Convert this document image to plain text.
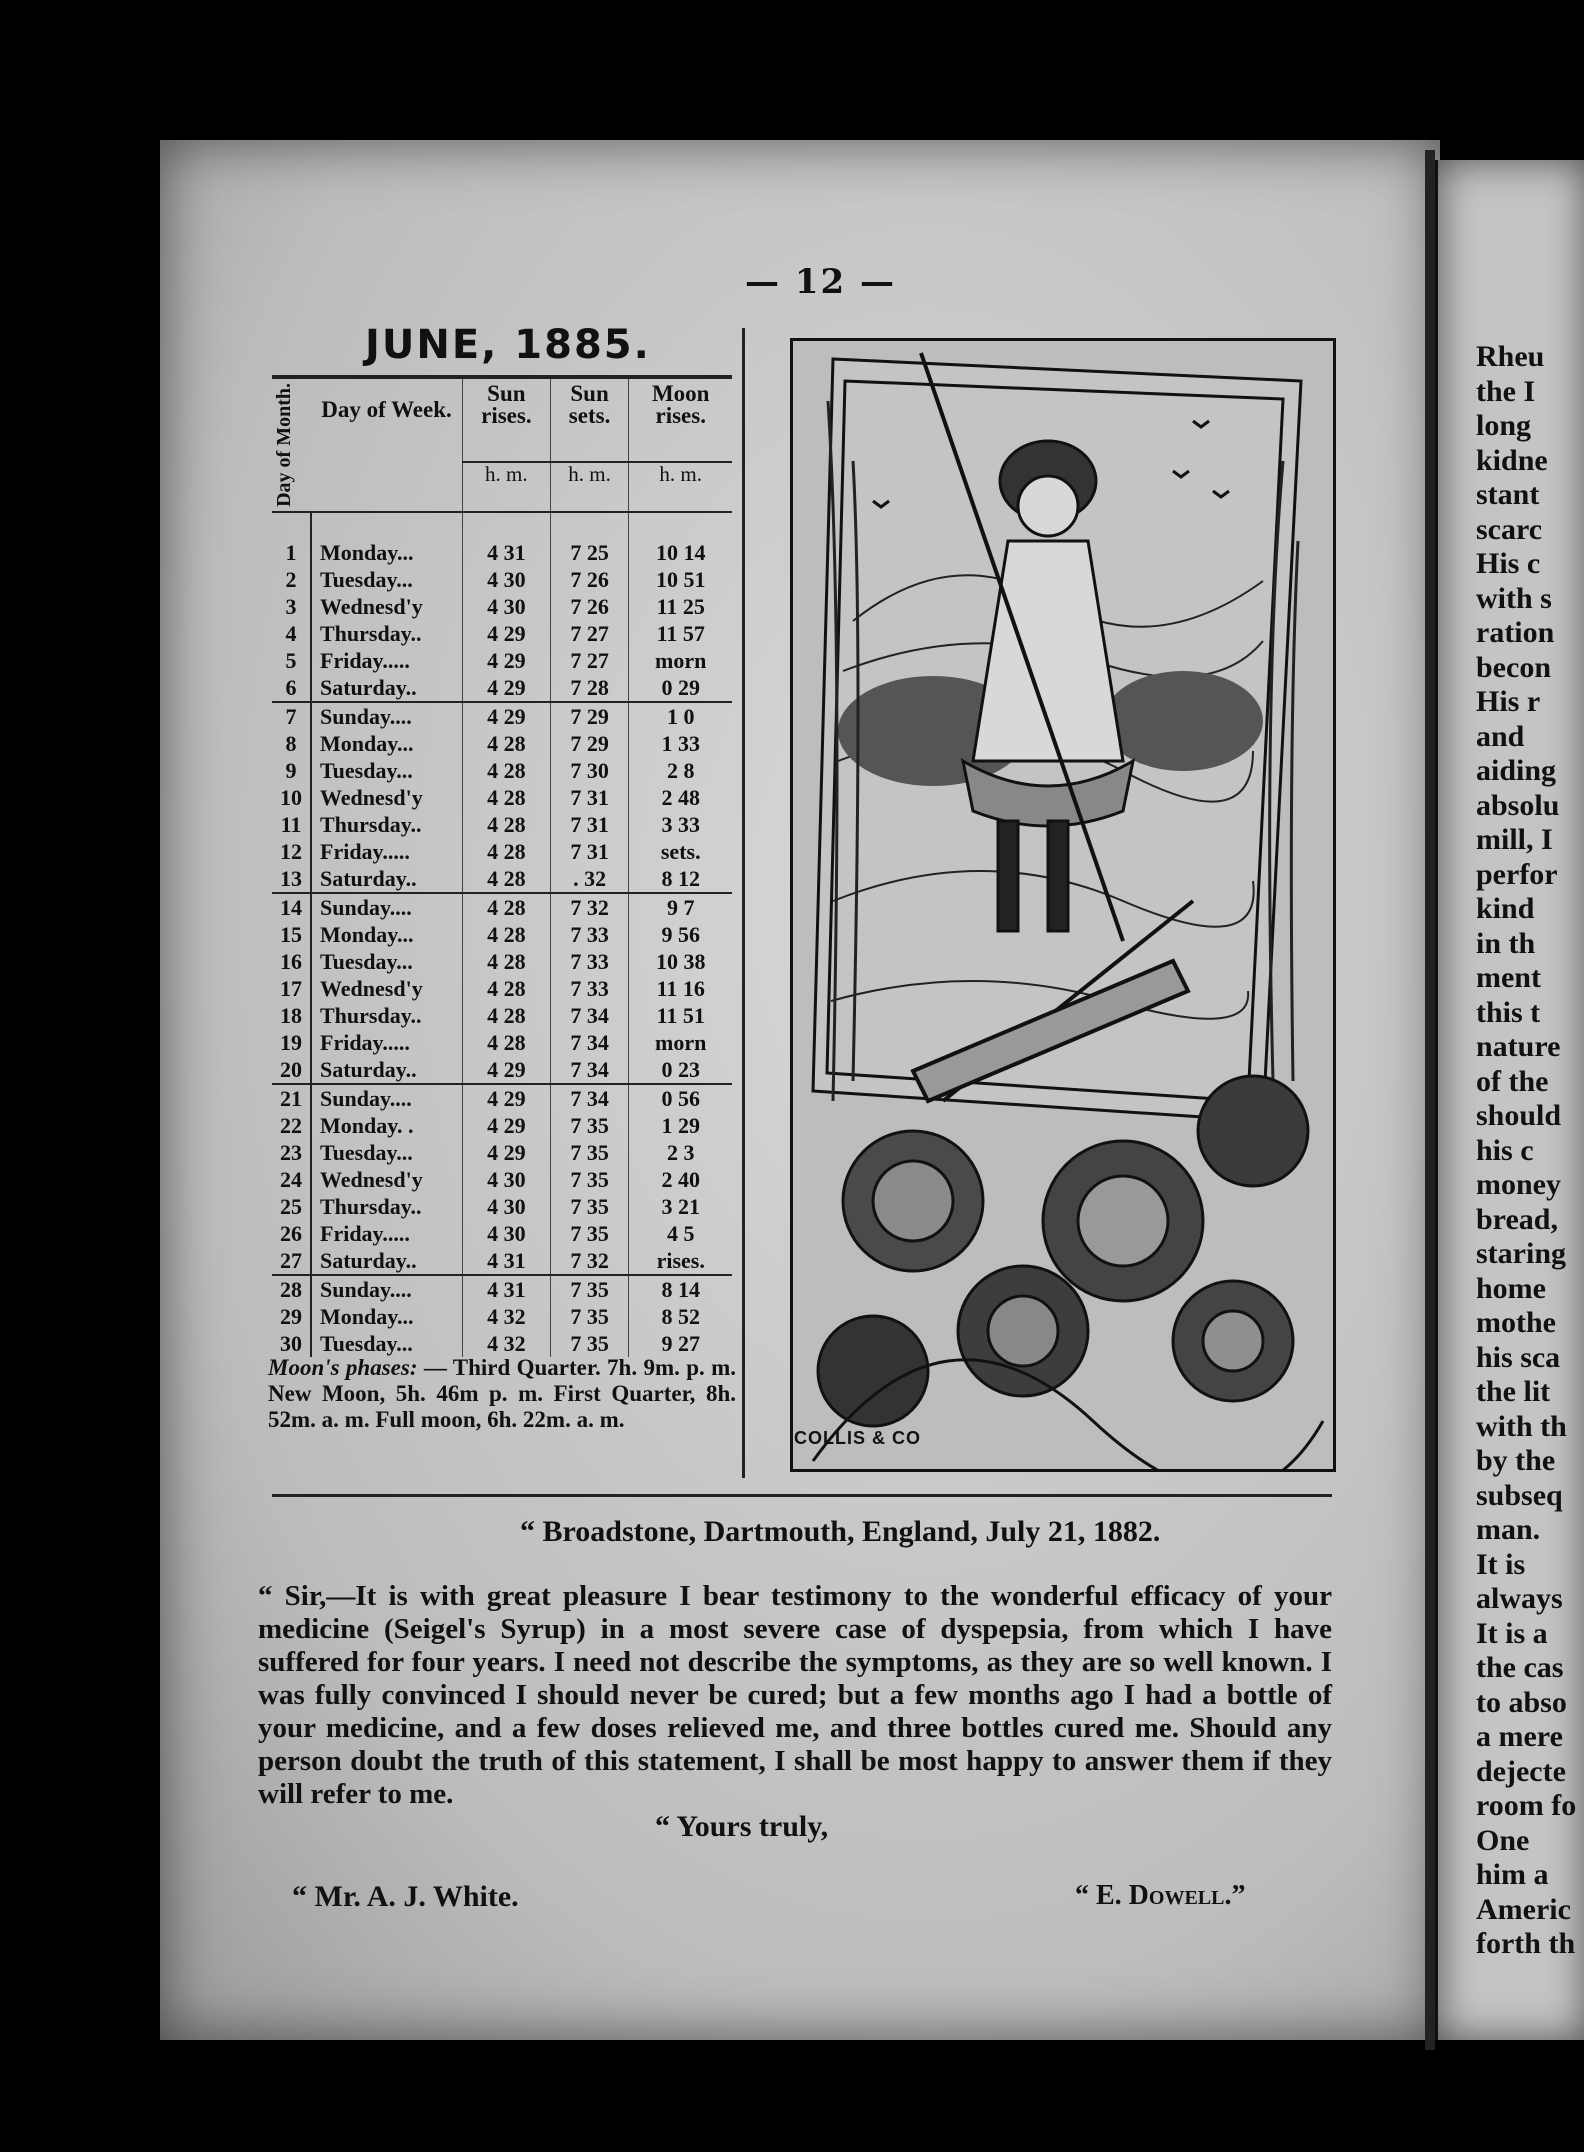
— 12 —
JUNE, 1885.
Day of Month.	Day of Week.	Sun rises.	Sun sets.	Moon rises.
		h. m.	h. m.	h. m.
1	Monday...	4 31	7 25	10 14
2	Tuesday...	4 30	7 26	10 51
3	Wednesd'y	4 30	7 26	11 25
4	Thursday..	4 29	7 27	11 57
5	Friday.....	4 29	7 27	morn
6	Saturday..	4 29	7 28	0 29
7	Sunday....	4 29	7 29	1 0
8	Monday...	4 28	7 29	1 33
9	Tuesday...	4 28	7 30	2 8
10	Wednesd'y	4 28	7 31	2 48
11	Thursday..	4 28	7 31	3 33
12	Friday.....	4 28	7 31	sets.
13	Saturday..	4 28	. 32	8 12
14	Sunday....	4 28	7 32	9 7
15	Monday...	4 28	7 33	9 56
16	Tuesday...	4 28	7 33	10 38
17	Wednesd'y	4 28	7 33	11 16
18	Thursday..	4 28	7 34	11 51
19	Friday.....	4 28	7 34	morn
20	Saturday..	4 29	7 34	0 23
21	Sunday....	4 29	7 34	0 56
22	Monday. .	4 29	7 35	1 29
23	Tuesday...	4 29	7 35	2 3
24	Wednesd'y	4 30	7 35	2 40
25	Thursday..	4 30	7 35	3 21
26	Friday.....	4 30	7 35	4 5
27	Saturday..	4 31	7 32	rises.
28	Sunday....	4 31	7 35	8 14
29	Monday...	4 32	7 35	8 52
30	Tuesday...	4 32	7 35	9 27
Moon's phases: — Third Quarter. 7h. 9m. p. m. New Moon, 5h. 46m p. m. First Quarter, 8h. 52m. a. m. Full moon, 6h. 22m. a. m.
COLLIS & CO
“ Broadstone, Dartmouth, England, July 21, 1882.
“ Sir,—It is with great pleasure I bear testimony to the wonderful efficacy of your medicine (Seigel's Syrup) in a most severe case of dyspepsia, from which I have suffered for four years. I need not describe the symptoms, as they are so well known. I was fully convinced I should never be cured; but a few months ago I had a bottle of your medicine, and a few doses relieved me, and three bottles cured me. Should any person doubt the truth of this statement, I shall be most happy to answer them if they will refer to me.
“ Yours truly,
“ Mr. A. J. White.	“ E. Dowell.”
Rheu
the I
long
kidne
stant
scarc
His c
with s
ration
becon
His r
and
aiding
absolu
mill, I
perfor
kind
in th
ment
this t
nature
of the
should
his c
money
bread,
staring
home
mothe
his sca
the lit
with th
by the
subseq
man.
It is
always
It is a
the cas
to abso
a mere
dejecte
room fo
One
him a
Americ
forth th
